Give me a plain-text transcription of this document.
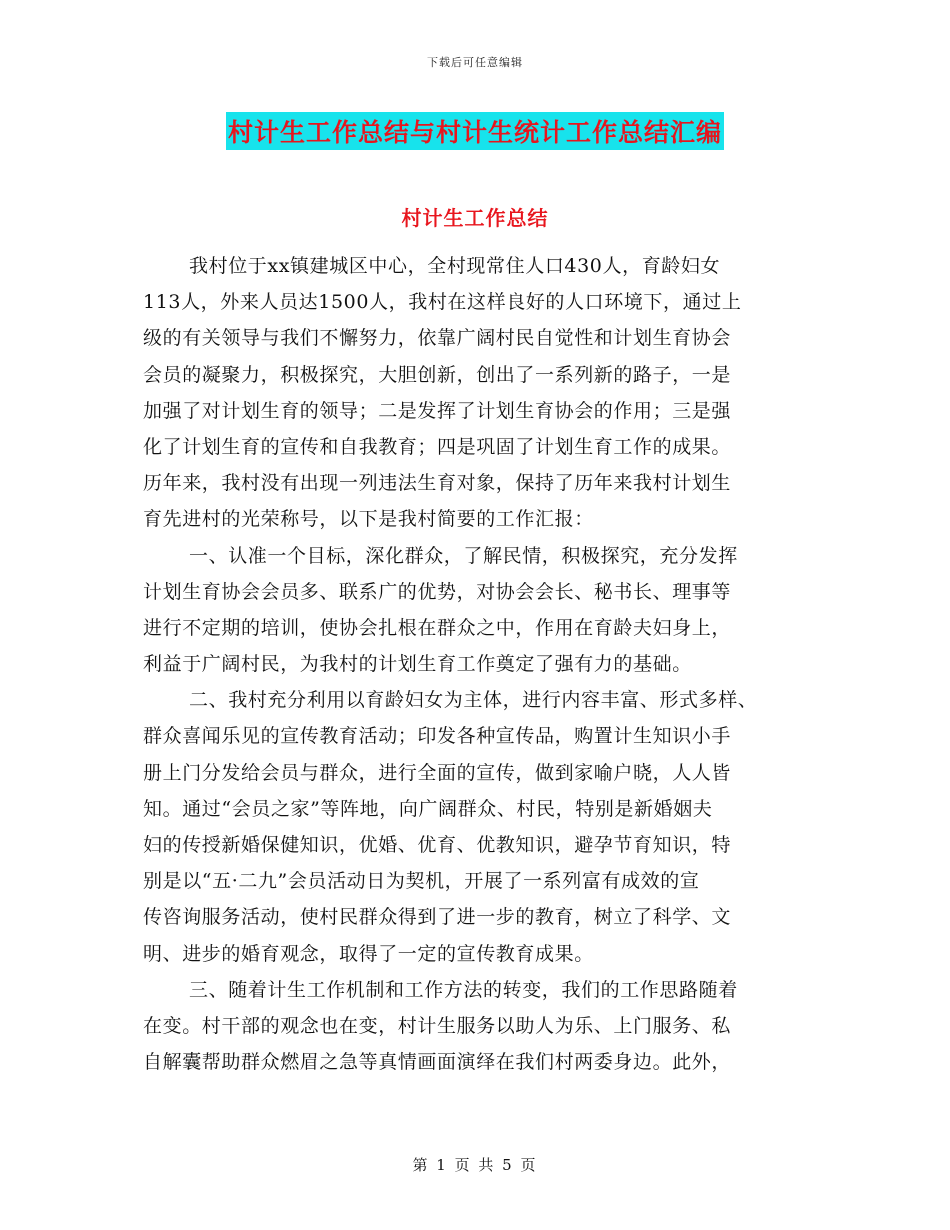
下载后可任意编辑
村计生工作总结与村计生统计工作总结汇编
村计生工作总结
我村位于xx镇建城区中心，全村现常住人口430人，育龄妇女
113人，外来人员达1500人，我村在这样良好的人口环境下，通过上
级的有关领导与我们不懈努力，依靠广阔村民自觉性和计划生育协会
会员的凝聚力，积极探究，大胆创新，创出了一系列新的路子，一是
加强了对计划生育的领导；二是发挥了计划生育协会的作用；三是强
化了计划生育的宣传和自我教育；四是巩固了计划生育工作的成果。
历年来，我村没有出现一列违法生育对象，保持了历年来我村计划生
育先进村的光荣称号，以下是我村简要的工作汇报：
一、认准一个目标，深化群众，了解民情，积极探究，充分发挥
计划生育协会会员多、联系广的优势，对协会会长、秘书长、理事等
进行不定期的培训，使协会扎根在群众之中，作用在育龄夫妇身上，
利益于广阔村民，为我村的计划生育工作奠定了强有力的基础。
二、我村充分利用以育龄妇女为主体，进行内容丰富、形式多样、
群众喜闻乐见的宣传教育活动；印发各种宣传品，购置计生知识小手
册上门分发给会员与群众，进行全面的宣传，做到家喻户晓，人人皆
知。通过“会员之家”等阵地，向广阔群众、村民，特别是新婚姻夫
妇的传授新婚保健知识，优婚、优育、优教知识，避孕节育知识，特
别是以“五·二九”会员活动日为契机，开展了一系列富有成效的宣
传咨询服务活动，使村民群众得到了进一步的教育，树立了科学、文
明、进步的婚育观念，取得了一定的宣传教育成果。
三、随着计生工作机制和工作方法的转变，我们的工作思路随着
在变。村干部的观念也在变，村计生服务以助人为乐、上门服务、私
自解囊帮助群众燃眉之急等真情画面演绎在我们村两委身边。此外，
第 1 页 共 5 页
